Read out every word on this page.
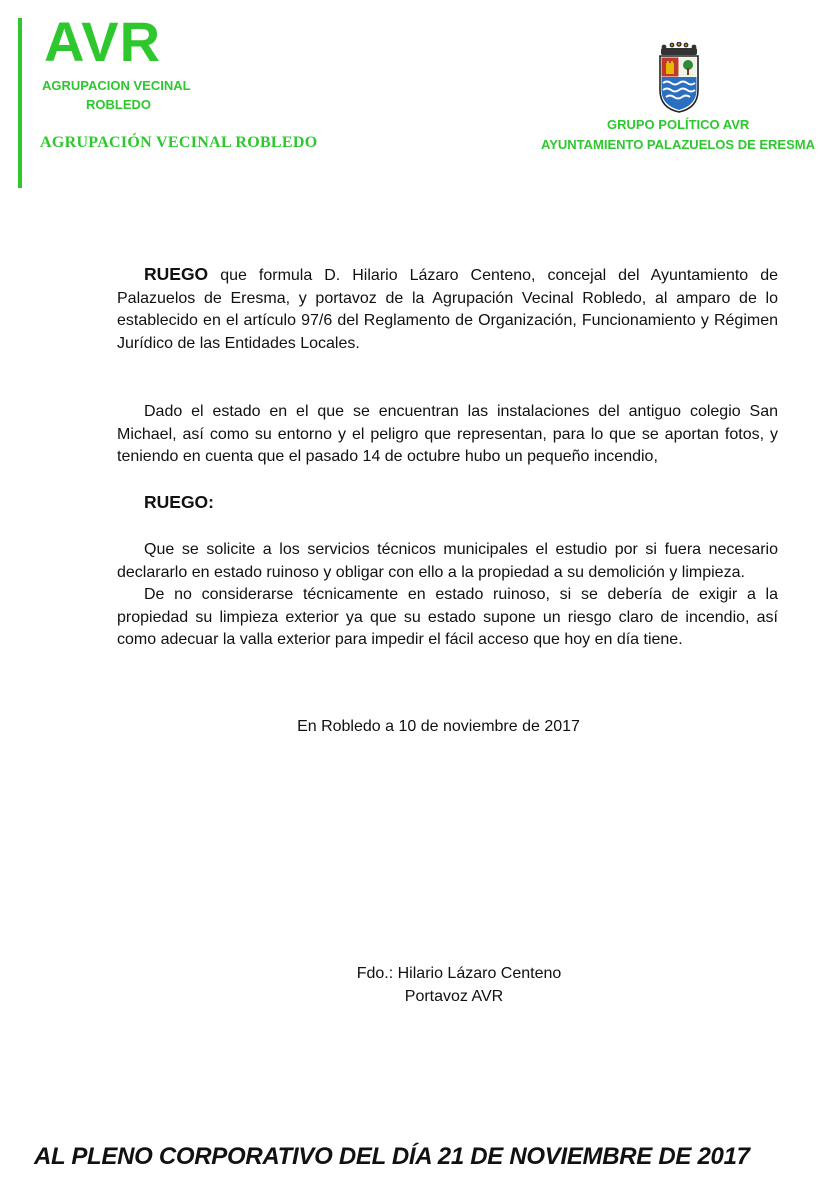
AVR
AGRUPACION VECINAL
ROBLEDO
AGRUPACIÓN VECINAL ROBLEDO
GRUPO POLÍTICO AVR
AYUNTAMIENTO PALAZUELOS DE ERESMA
RUEGO que formula D. Hilario Lázaro Centeno, concejal del Ayuntamiento de Palazuelos de Eresma, y portavoz de la Agrupación Vecinal Robledo, al amparo de lo establecido en el artículo 97/6 del Reglamento de Organización, Funcionamiento y Régimen Jurídico de las Entidades Locales.
Dado el estado en el que se encuentran las instalaciones del antiguo colegio San Michael, así como su entorno y el peligro que representan, para lo que se aportan fotos, y teniendo en cuenta que el pasado 14 de octubre hubo un pequeño incendio,
RUEGO:
Que se solicite a los servicios técnicos municipales el estudio por si fuera necesario declararlo en estado ruinoso y obligar con ello a la propiedad a su demolición y limpieza.
De no considerarse técnicamente en estado ruinoso, si se debería de exigir a la propiedad su limpieza exterior ya que su estado supone un riesgo claro de incendio, así como adecuar la valla exterior para impedir el fácil acceso que hoy en día tiene.
En Robledo a 10 de noviembre de 2017
Fdo.: Hilario Lázaro Centeno
Portavoz AVR
AL PLENO CORPORATIVO DEL DÍA 21 DE NOVIEMBRE DE 2017
